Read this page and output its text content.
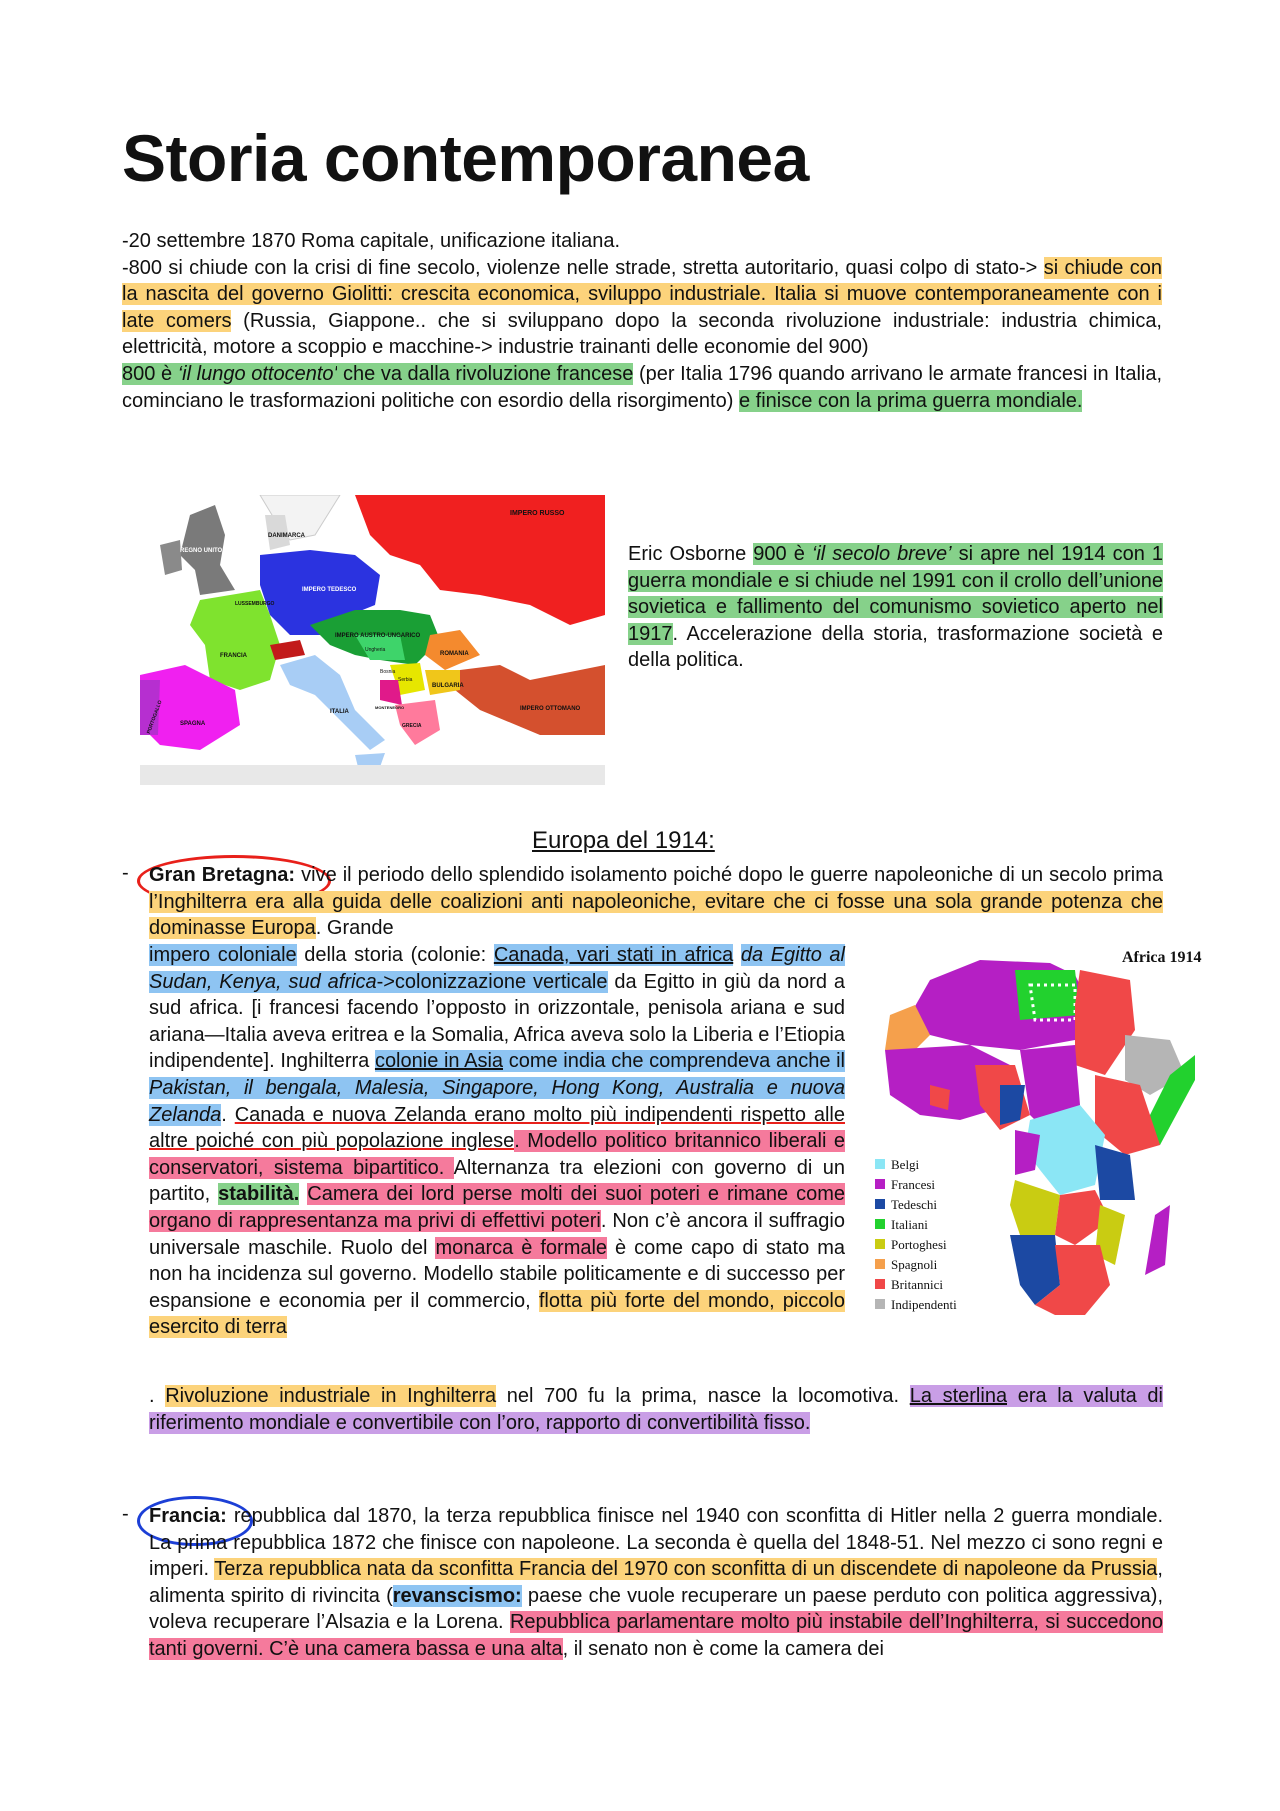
Storia contemporanea
-20 settembre 1870 Roma capitale, unificazione italiana.
-800 si chiude con la crisi di fine secolo, violenze nelle strade, stretta autoritario, quasi colpo di stato-> si chiude con la nascita del governo Giolitti: crescita economica, sviluppo industriale. Italia si muove contemporaneamente con i late comers (Russia, Giappone.. che si sviluppano dopo la seconda rivoluzione industriale: industria chimica, elettricità, motore a scoppio e macchine-> industrie trainanti delle economie del 900)
800 è ‘il lungo ottocento' che va dalla rivoluzione francese (per Italia 1796 quando arrivano le armate francesi in Italia, cominciano le trasformazioni politiche con esordio della risorgimento) e finisce con la prima guerra mondiale.
IMPERO RUSSO
DANIMARCA
REGNO UNITO
IMPERO TEDESCO
LUSSEMBURGO
FRANCIA
IMPERO AUSTRO-UNGARICO
ROMANIA
BULGARIA
ITALIA
MONTENEGRO
SPAGNA
PORTOGALLO	GRECIA
IMPERO OTTOMANO
Ungheria
Serbia
Bosnia
Eric Osborne 900 è ‘il secolo breve’ si apre nel 1914 con 1 guerra mondiale e si chiude nel 1991 con il crollo dell’unione sovietica e fallimento del comunismo sovietico aperto nel 1917. Accelerazione della storia, trasformazione società e della politica.
Europa del 1914:
- Gran Bretagna: vive il periodo dello splendido isolamento poiché dopo le guerre napoleoniche di un secolo prima l’Inghilterra era alla guida delle coalizioni anti napoleoniche, evitare che ci fosse una sola grande potenza che dominasse Europa. Grande
impero coloniale della storia (colonie: Canada, vari stati in africa da Egitto al Sudan, Kenya, sud africa->colonizzazione verticale da Egitto in giù da nord a sud africa. [i francesi facendo l’opposto in orizzontale, penisola ariana e sud ariana—Italia aveva eritrea e la Somalia, Africa aveva solo la Liberia e l’Etiopia indipendente]. Inghilterra colonie in Asia come india che comprendeva anche il Pakistan, il bengala, Malesia, Singapore, Hong Kong, Australia e nuova Zelanda. Canada e nuova Zelanda erano molto più indipendenti rispetto alle altre poiché con più popolazione inglese. Modello politico britannico liberali e conservatori, sistema bipartitico. Alternanza tra elezioni con governo di un partito, stabilità. Camera dei lord perse molti dei suoi poteri e rimane come organo di rappresentanza ma privi di effettivi poteri. Non c’è ancora il suffragio universale maschile. Ruolo del monarca è formale è come capo di stato ma non ha incidenza sul governo. Modello stabile politicamente e di successo per espansione e economia per il commercio, flotta più forte del mondo, piccolo esercito di terra
. Rivoluzione industriale in Inghilterra nel 700 fu la prima, nasce la locomotiva. La sterlina era la valuta di riferimento mondiale e convertibile con l’oro, rapporto di convertibilità fisso.
Africa 1914
Belgi
Francesi
Tedeschi
Italiani
Portoghesi
Spagnoli
Britannici
Indipendenti
- Francia: repubblica dal 1870, la terza repubblica finisce nel 1940 con sconfitta di Hitler nella 2 guerra mondiale. La prima repubblica 1872 che finisce con napoleone. La seconda è quella del 1848-51. Nel mezzo ci sono regni e imperi. Terza repubblica nata da sconfitta Francia del 1970 con sconfitta di un discendete di napoleone da Prussia, alimenta spirito di rivincita (revanscismo: paese che vuole recuperare un paese perduto con politica aggressiva), voleva recuperare l’Alsazia e la Lorena. Repubblica parlamentare molto più instabile dell’Inghilterra, si succedono tanti governi. C’è una camera bassa e una alta, il senato non è come la camera dei
